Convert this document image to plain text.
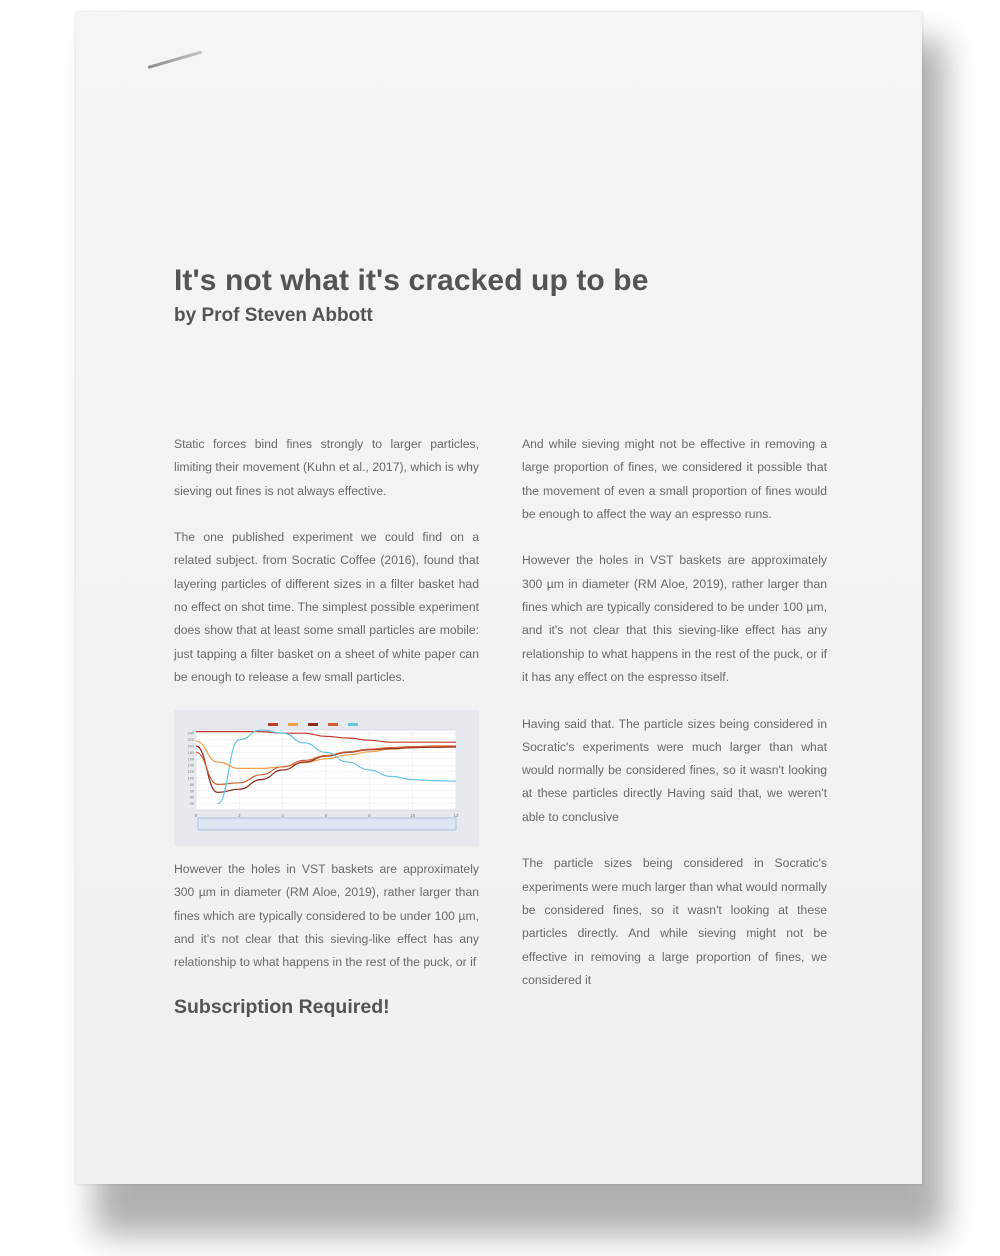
It's not what it's cracked up to be
by Prof Steven Abbott

Static forces bind fines strongly to larger particles, limiting their movement (Kuhn et al., 2017), which is why sieving out fines is not always effective.

The one published experiment we could find on a related subject. from Socratic Coffee (2016), found that layering particles of different sizes in a filter basket had no effect on shot time. The simplest possible experiment does show that at least some small particles are mobile: just tapping a filter basket on a sheet of white paper can be enough to release a few small particles.

0	2	4	6	8	10	12
20
40
60
80
100
120
140
160
180
200
220
240

However the holes in VST baskets are approximately 300 µm in diameter (RM Aloe, 2019), rather larger than fines which are typically considered to be under 100 µm, and it's not clear that this sieving-like effect has any relationship to what happens in the rest of the puck, or if

And while sieving might not be effective in removing a large proportion of fines, we considered it possible that the movement of even a small proportion of fines would be enough to affect the way an espresso runs.

However the holes in VST baskets are approximately 300 µm in diameter (RM Aloe, 2019), rather larger than fines which are typically considered to be under 100 µm, and it's not clear that this sieving-like effect has any relationship to what happens in the rest of the puck, or if it has any effect on the espresso itself.

Having said that. The particle sizes being considered in Socratic's experiments were much larger than what would normally be considered fines, so it wasn't looking at these particles directly Having said that, we weren't able to conclusive

The particle sizes being considered in Socratic's experiments were much larger than what would normally be considered fines, so it wasn't looking at these particles directly. And while sieving might not be effective in removing a large proportion of fines, we considered it

Subscription Required!
